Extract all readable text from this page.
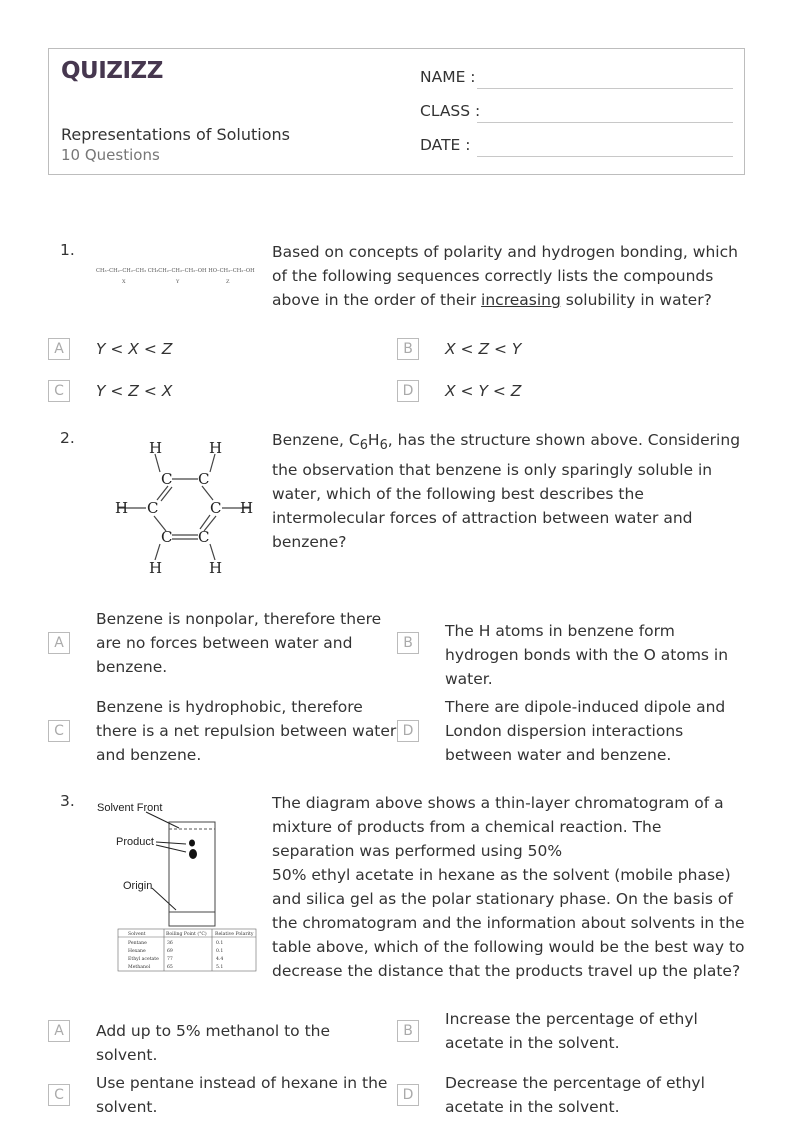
QUIZIZZ
Representations of Solutions
10 Questions
NAME :
CLASS :
DATE :
1.
CH₃–CH₂–CH₂–CH₃ CH₃CH₂–CH₂–CH₂–OH HO–CH₂–CH₂–OH
X	Y	Z
Based on concepts of polarity and hydrogen bonding, which of the following sequences correctly lists the compounds above in the order of their increasing solubility in water?
A	Y < X < Z	B	X < Z < Y
C	Y < Z < X	D	X < Y < Z
2.
H	H
C C
H C	C H
C C
H	H
Benzene, $C_6H_6$, has the structure shown above. Considering the observation that benzene is only sparingly soluble in water, which of the following best describes the intermolecular forces of attraction between water and benzene?
A
Benzene is nonpolar, therefore there are no forces between water and benzene.
B
The H atoms in benzene form hydrogen bonds with the O atoms in water.
C
Benzene is hydrophobic, therefore there is a net repulsion between water and benzene.
D
There are dipole-induced dipole and London dispersion interactions between water and benzene.
3. Solvent Front
Product
Origin
Solvent	Boiling Point (°C) Relative Polarity
Pentane	36	0.1
Hexane	69	0.1
Ethyl acetate 77	4.4
Methanol	65	5.1
The diagram above shows a thin-layer chromatogram of a mixture of products from a chemical reaction. The separation was performed using 50%
50% ethyl acetate in hexane as the solvent (mobile phase) and silica gel as the polar stationary phase. On the basis of the chromatogram and the information about solvents in the table above, which of the following would be the best way to decrease the distance that the products travel up the plate?
A	Add up to 5% methanol to the solvent.
B
Increase the percentage of ethyl acetate in the solvent.
C
Use pentane instead of hexane in the solvent.
D
Decrease the percentage of ethyl acetate in the solvent.
